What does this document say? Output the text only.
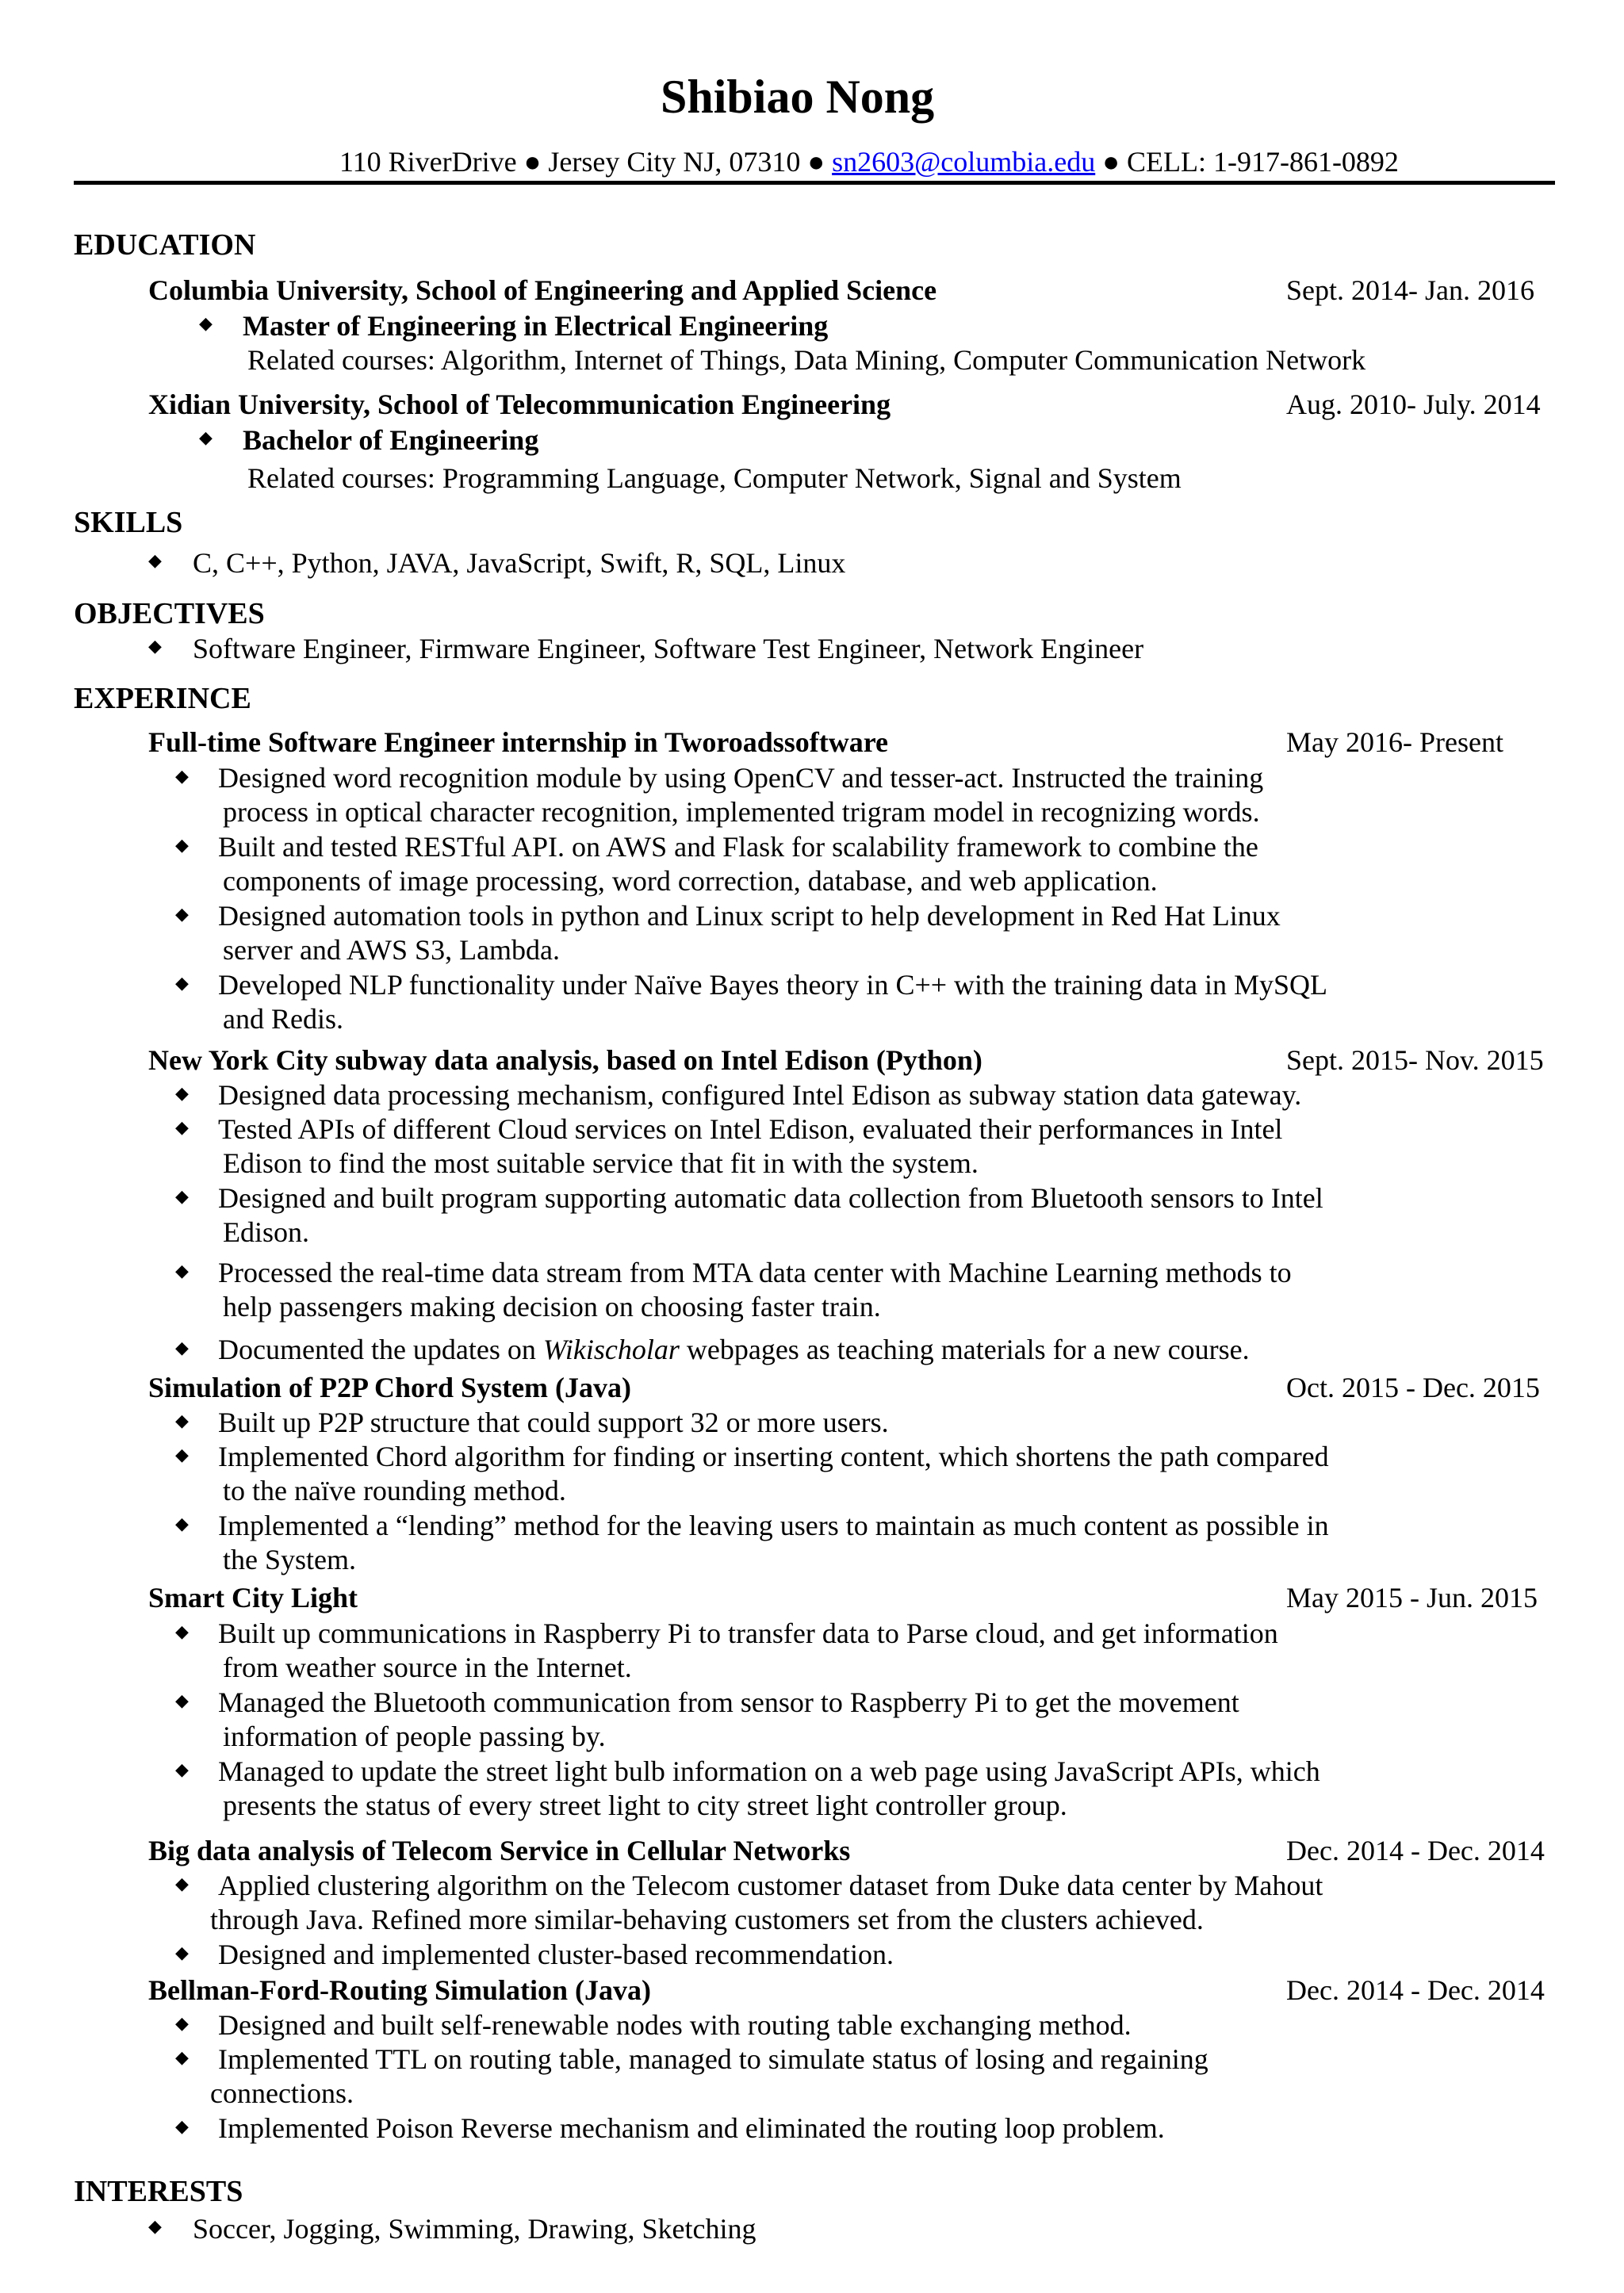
Shibiao Nong
110 RiverDrive ● Jersey City NJ, 07310 ● sn2603@columbia.edu ● CELL: 1-917-861-0892
EDUCATION
Columbia University, School of Engineering and Applied Science	Sept. 2014- Jan. 2016
◆ Master of Engineering in Electrical Engineering
Related courses: Algorithm, Internet of Things, Data Mining, Computer Communication Network
Xidian University, School of Telecommunication Engineering	Aug. 2010- July. 2014
◆ Bachelor of Engineering
Related courses: Programming Language, Computer Network, Signal and System
SKILLS
◆ C, C++, Python, JAVA, JavaScript, Swift, R, SQL, Linux
OBJECTIVES
◆ Software Engineer, Firmware Engineer, Software Test Engineer, Network Engineer
EXPERINCE
Full-time Software Engineer internship in Tworoadssoftware	May 2016- Present
◆ Designed word recognition module by using OpenCV and tesser-act. Instructed the training
process in optical character recognition, implemented trigram model in recognizing words.
◆ Built and tested RESTful API. on AWS and Flask for scalability framework to combine the
components of image processing, word correction, database, and web application.
◆ Designed automation tools in python and Linux script to help development in Red Hat Linux
server and AWS S3, Lambda.
◆ Developed NLP functionality under Naïve Bayes theory in C++ with the training data in MySQL
and Redis.
New York City subway data analysis, based on Intel Edison (Python)	Sept. 2015- Nov. 2015
◆ Designed data processing mechanism, configured Intel Edison as subway station data gateway.
◆ Tested APIs of different Cloud services on Intel Edison, evaluated their performances in Intel
Edison to find the most suitable service that fit in with the system.
◆ Designed and built program supporting automatic data collection from Bluetooth sensors to Intel
Edison.
◆ Processed the real-time data stream from MTA data center with Machine Learning methods to
help passengers making decision on choosing faster train.
◆ Documented the updates on Wikischolar webpages as teaching materials for a new course.
Simulation of P2P Chord System (Java)	Oct. 2015 - Dec. 2015
◆ Built up P2P structure that could support 32 or more users.
◆ Implemented Chord algorithm for finding or inserting content, which shortens the path compared
to the naïve rounding method.
◆ Implemented a “lending” method for the leaving users to maintain as much content as possible in
the System.
Smart City Light	May 2015 - Jun. 2015
◆ Built up communications in Raspberry Pi to transfer data to Parse cloud, and get information
from weather source in the Internet.
◆ Managed the Bluetooth communication from sensor to Raspberry Pi to get the movement
information of people passing by.
◆ Managed to update the street light bulb information on a web page using JavaScript APIs, which
presents the status of every street light to city street light controller group.
Big data analysis of Telecom Service in Cellular Networks	Dec. 2014 - Dec. 2014
◆ Applied clustering algorithm on the Telecom customer dataset from Duke data center by Mahout
through Java. Refined more similar-behaving customers set from the clusters achieved.
◆ Designed and implemented cluster-based recommendation.
Bellman-Ford-Routing Simulation (Java)	Dec. 2014 - Dec. 2014
◆ Designed and built self-renewable nodes with routing table exchanging method.
◆ Implemented TTL on routing table, managed to simulate status of losing and regaining
connections.
◆ Implemented Poison Reverse mechanism and eliminated the routing loop problem.
INTERESTS
◆ Soccer, Jogging, Swimming, Drawing, Sketching
